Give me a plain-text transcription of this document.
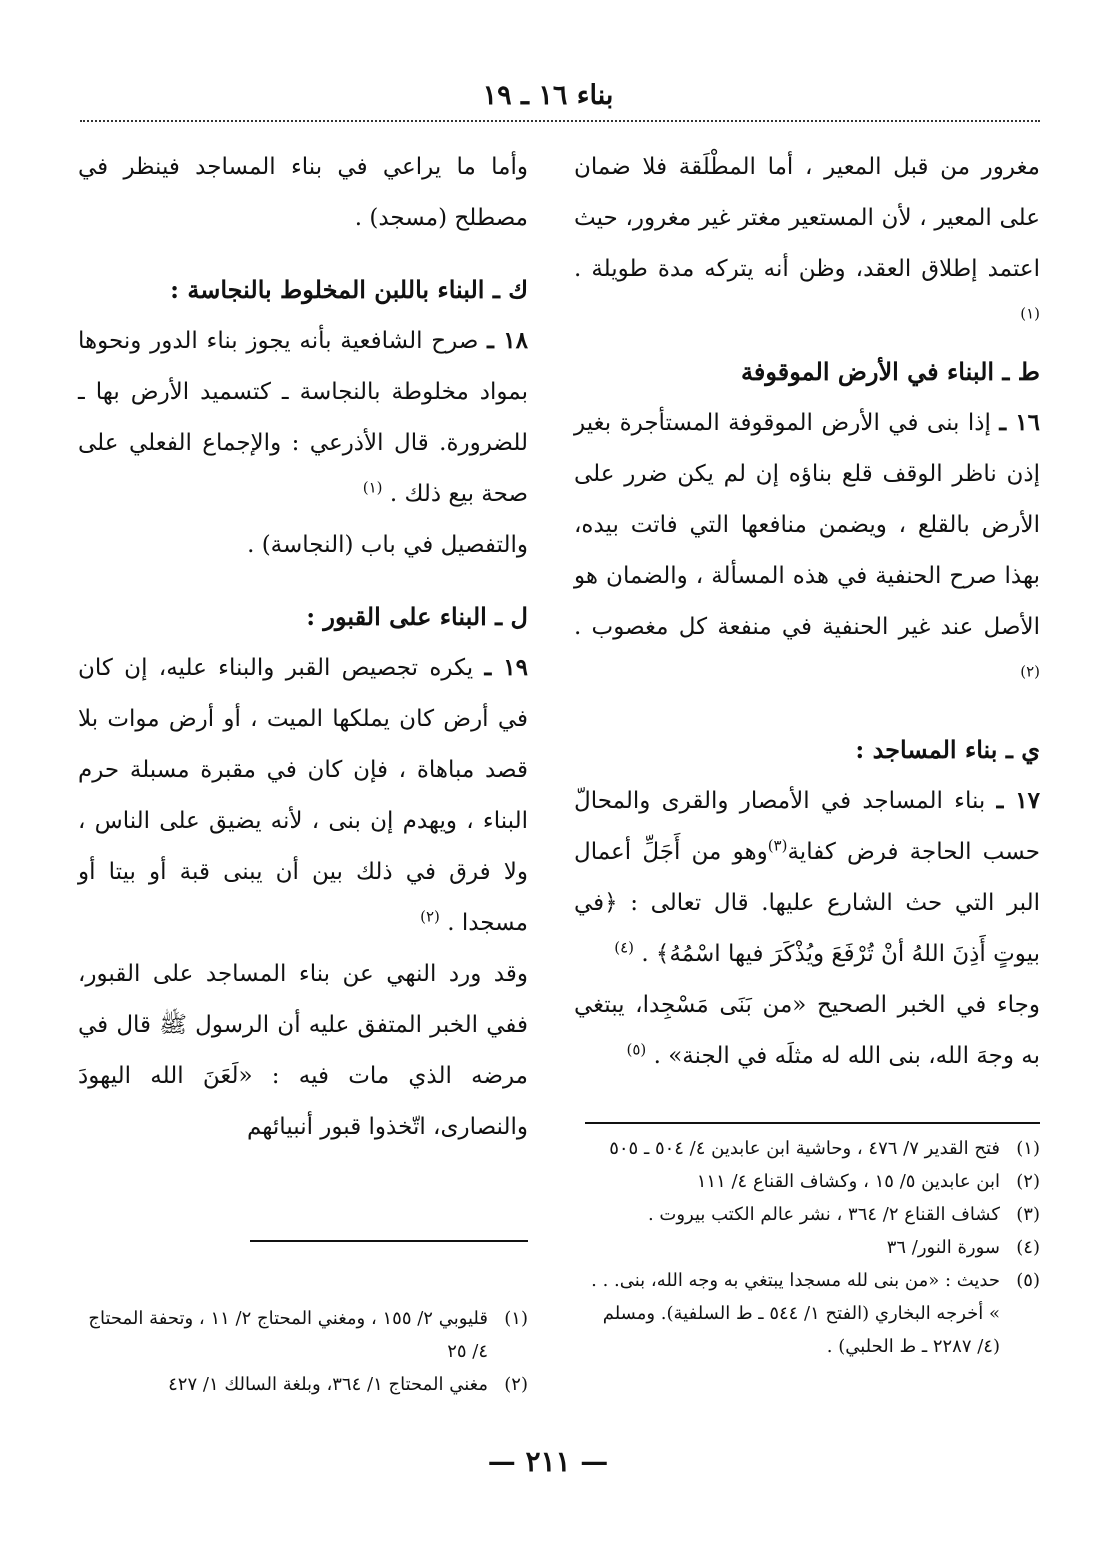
بناء ١٦ ـ ١٩

مغرور من قبل المعير ، أما المطْلَقة فلا ضمان على المعير ، لأن المستعير مغتر غير مغرور، حيث اعتمد إطلاق العقد، وظن أنه يتركه مدة طويلة . $^{(١)}$

ط ـ البناء في الأرض الموقوفة

١٦ ـ إذا بنى في الأرض الموقوفة المستأجرة بغير إذن ناظر الوقف قلع بناؤه إن لم يكن ضرر على الأرض بالقلع ، ويضمن منافعها التي فاتت بيده، بهذا صرح الحنفية في هذه المسألة ، والضمان هو الأصل عند غير الحنفية في منفعة كل مغصوب . $^{(٢)}$

ي ـ بناء المساجد :

١٧ ـ بناء المساجد في الأمصار والقرى والمحالّ حسب الحاجة فرض كفاية$^{(٣)}$وهو من أَجَلِّ أعمال البر التي حث الشارع عليها. قال تعالى : ﴿في بيوتٍ أَذِنَ اللهُ أنْ تُرْفَعَ ويُذْكَرَ فيها اسْمُهُ﴾ . $^{(٤)}$

وجاء في الخبر الصحيح «من بَنَى مَسْجِدا، يبتغي به وجهَ الله، بنى الله له مثلَه في الجنة» . $^{(٥)}$

وأما ما يراعي في بناء المساجد فينظر في مصطلح (مسجد) .

ك ـ البناء باللبن المخلوط بالنجاسة :

١٨ ـ صرح الشافعية بأنه يجوز بناء الدور ونحوها بمواد مخلوطة بالنجاسة ـ كتسميد الأرض بها ـ للضرورة. قال الأذرعي : والإجماع الفعلي على صحة بيع ذلك . $^{(١)}$

والتفصيل في باب (النجاسة) .

ل ـ البناء على القبور :

١٩ ـ يكره تجصيص القبر والبناء عليه، إن كان في أرض كان يملكها الميت ، أو أرض موات بلا قصد مباهاة ، فإن كان في مقبرة مسبلة حرم البناء ، ويهدم إن بنى ، لأنه يضيق على الناس ، ولا فرق في ذلك بين أن يبنى قبة أو بيتا أو مسجدا . $^{(٢)}$

وقد ورد النهي عن بناء المساجد على القبور، ففي الخبر المتفق عليه أن الرسول ﷺ قال في مرضه الذي مات فيه : «لَعَنَ الله اليهودَ والنصارى، اتّخذوا قبور أنبيائهم

(١)
فتح القدير ٧/ ٤٧٦ ، وحاشية ابن عابدين ٤/ ٥٠٤ ـ ٥٠٥
(٢)
ابن عابدين ٥/ ١٥ ، وكشاف القناع ٤/ ١١١
(٣)
كشاف القناع ٢/ ٣٦٤ ، نشر عالم الكتب بيروت .
(٤)
سورة النور/ ٣٦
(٥)
حديث : «من بنى لله مسجدا يبتغي به وجه الله، بنى. . . » أخرجه البخاري (الفتح ١/ ٥٤٤ ـ ط السلفية). ومسلم (٤/ ٢٢٨٧ ـ ط الحلبي) .
(١)
قليوبي ٢/ ١٥٥ ، ومغني المحتاج ٢/ ١١ ، وتحفة المحتاج ٤/ ٢٥
(٢)
مغني المحتاج ١/ ٣٦٤، وبلغة السالك ١/ ٤٢٧
— ٢١١ —
